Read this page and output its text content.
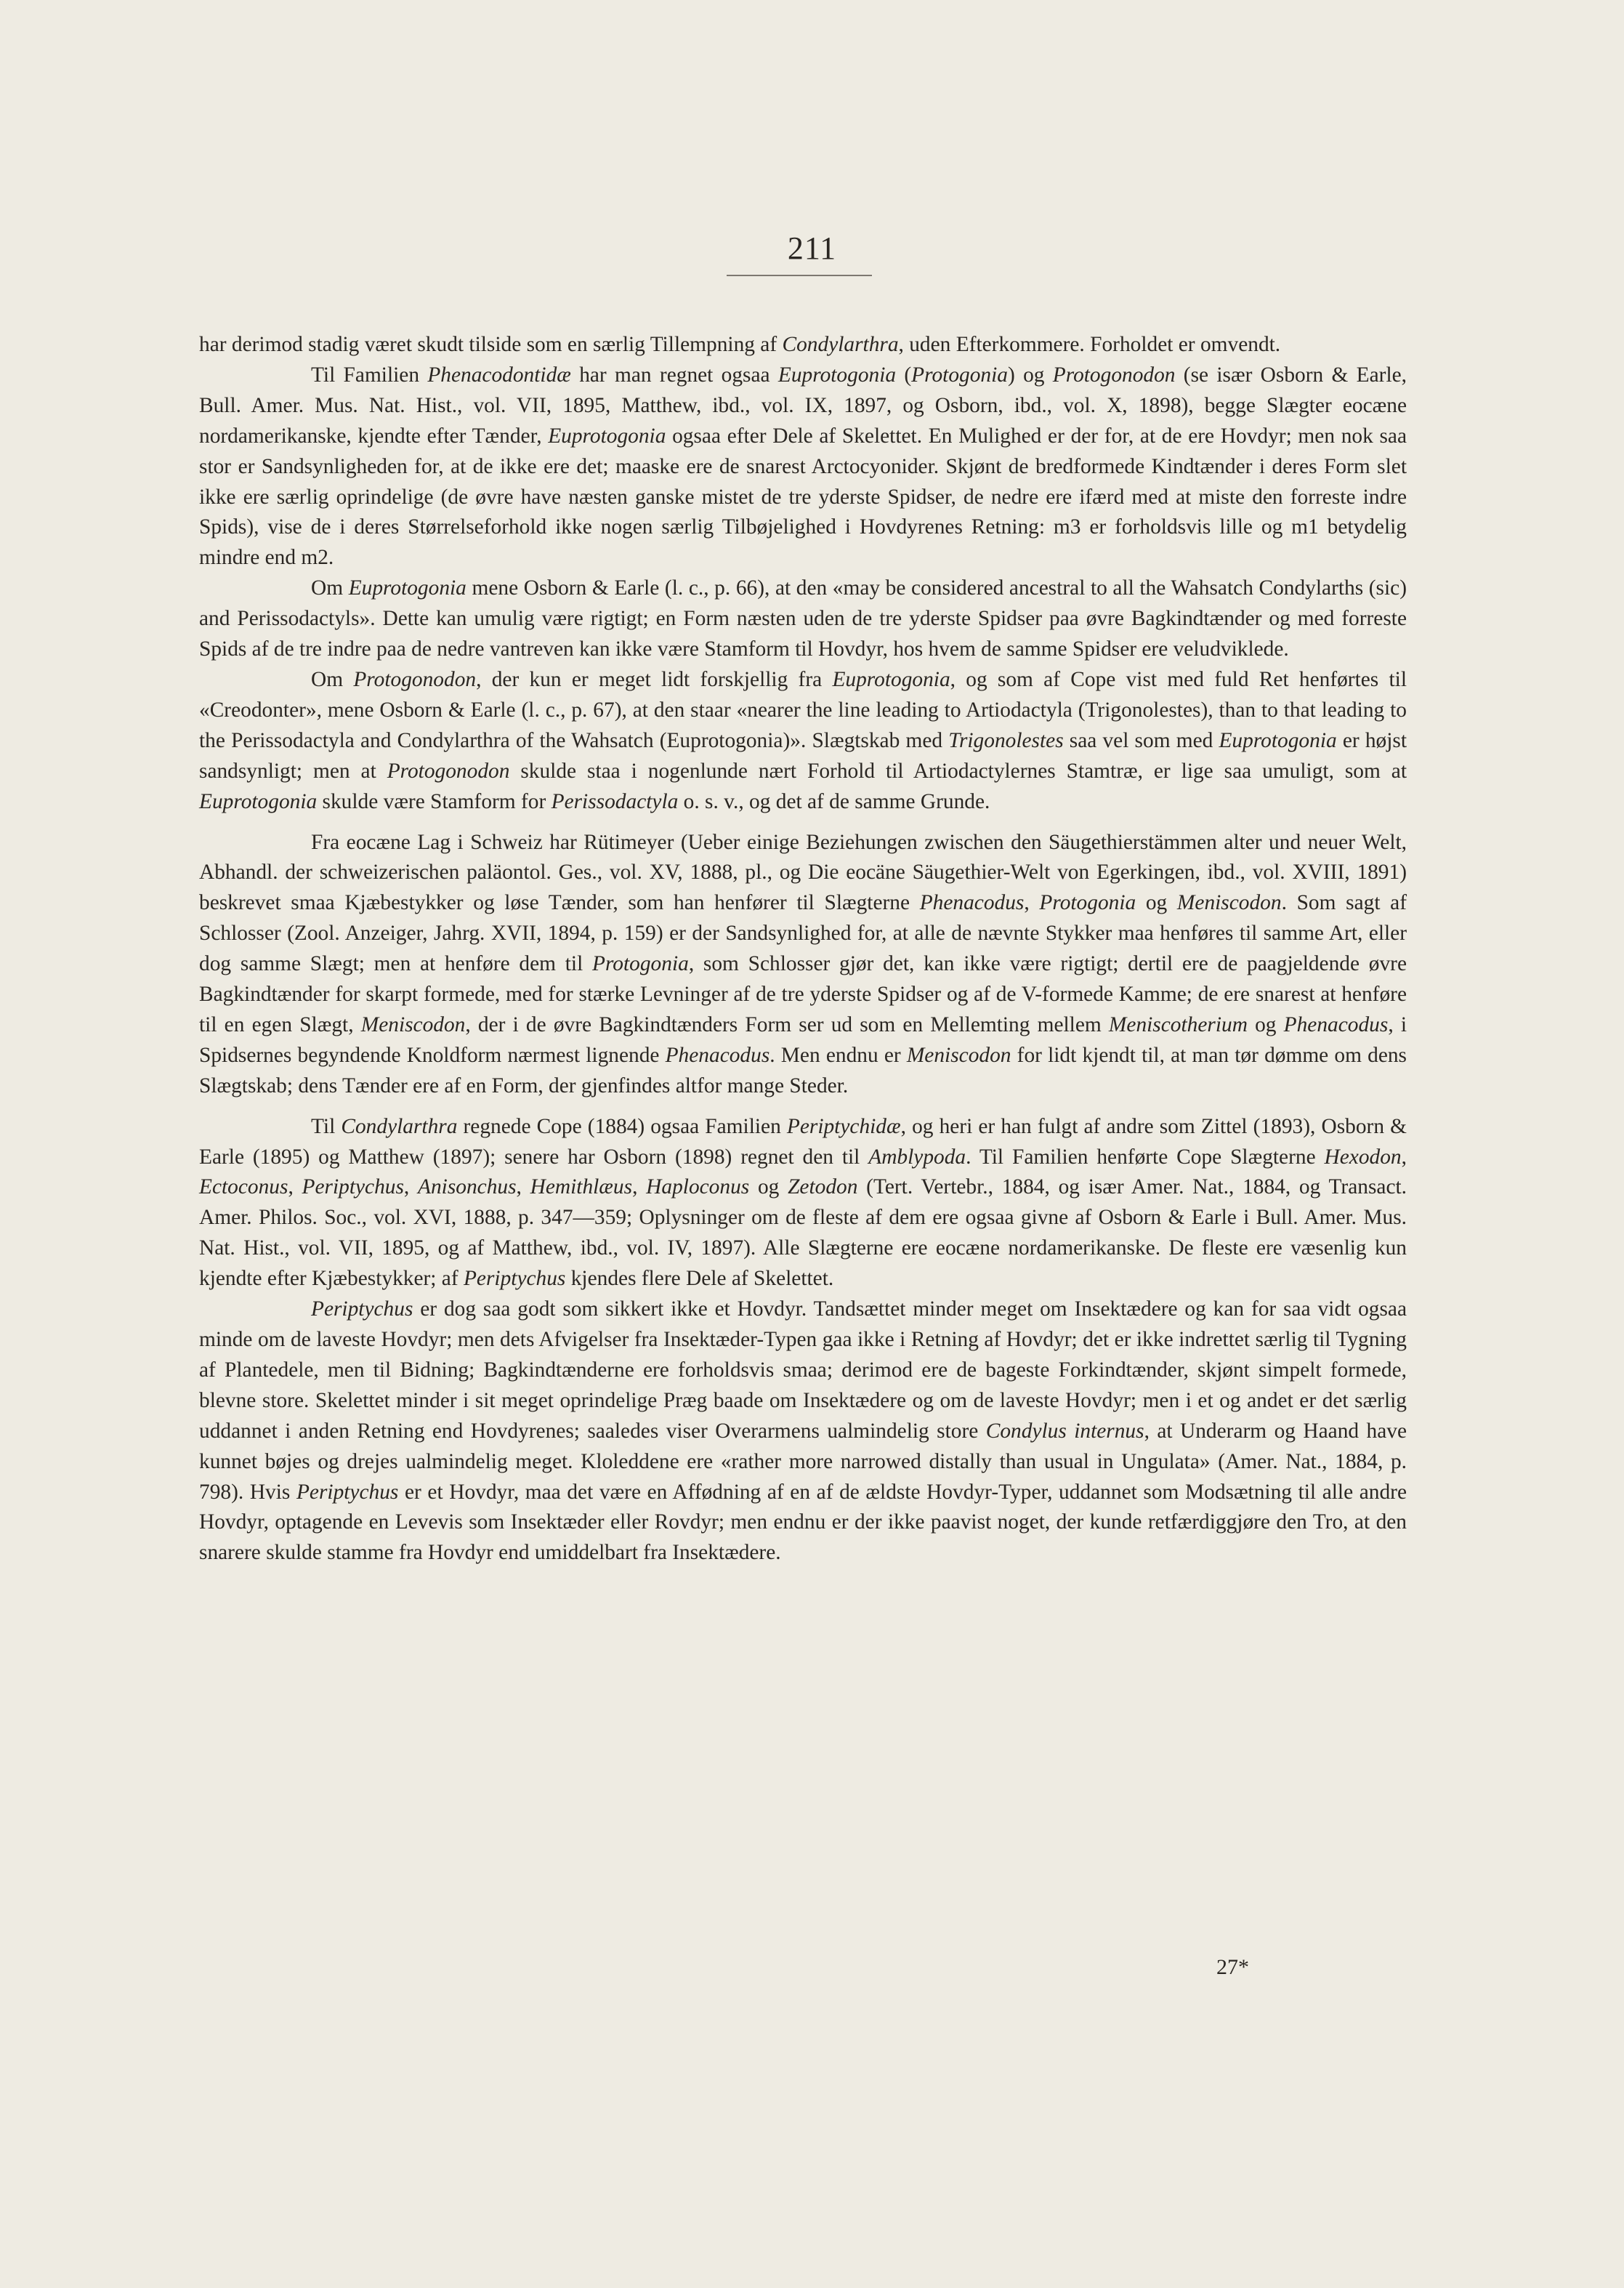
211

har derimod stadig været skudt tilside som en særlig Tillempning af Condylarthra, uden Efterkommere. Forholdet er omvendt.

Til Familien Phenacodontidæ har man regnet ogsaa Euprotogonia (Protogonia) og Protogonodon (se især Osborn & Earle, Bull. Amer. Mus. Nat. Hist., vol. VII, 1895, Matthew, ibd., vol. IX, 1897, og Osborn, ibd., vol. X, 1898), begge Slægter eocæne nordamerikanske, kjendte efter Tænder, Euprotogonia ogsaa efter Dele af Skelettet. En Mulighed er der for, at de ere Hovdyr; men nok saa stor er Sandsynligheden for, at de ikke ere det; maaske ere de snarest Arctocyonider. Skjønt de bredformede Kindtænder i deres Form slet ikke ere særlig oprindelige (de øvre have næsten ganske mistet de tre yderste Spidser, de nedre ere ifærd med at miste den forreste indre Spids), vise de i deres Størrelseforhold ikke nogen særlig Tilbøjelighed i Hovdyrenes Retning: m3 er forholdsvis lille og m1 betydelig mindre end m2.

Om Euprotogonia mene Osborn & Earle (l. c., p. 66), at den «may be considered ancestral to all the Wahsatch Condylarths (sic) and Perissodactyls». Dette kan umulig være rigtigt; en Form næsten uden de tre yderste Spidser paa øvre Bagkindtænder og med forreste Spids af de tre indre paa de nedre vantreven kan ikke være Stamform til Hovdyr, hos hvem de samme Spidser ere veludviklede.

Om Protogonodon, der kun er meget lidt forskjellig fra Euprotogonia, og som af Cope vist med fuld Ret henførtes til «Creodonter», mene Osborn & Earle (l. c., p. 67), at den staar «nearer the line leading to Artiodactyla (Trigonolestes), than to that leading to the Perissodactyla and Condylarthra of the Wahsatch (Euprotogonia)». Slægtskab med Trigonolestes saa vel som med Euprotogonia er højst sandsynligt; men at Protogonodon skulde staa i nogenlunde nært Forhold til Artiodactylernes Stamtræ, er lige saa umuligt, som at Euprotogonia skulde være Stamform for Perissodactyla o. s. v., og det af de samme Grunde.

Fra eocæne Lag i Schweiz har Rütimeyer (Ueber einige Beziehungen zwischen den Säugethierstämmen alter und neuer Welt, Abhandl. der schweizerischen paläontol. Ges., vol. XV, 1888, pl., og Die eocäne Säugethier-Welt von Egerkingen, ibd., vol. XVIII, 1891) beskrevet smaa Kjæbestykker og løse Tænder, som han henfører til Slægterne Phenacodus, Protogonia og Meniscodon. Som sagt af Schlosser (Zool. Anzeiger, Jahrg. XVII, 1894, p. 159) er der Sandsynlighed for, at alle de nævnte Stykker maa henføres til samme Art, eller dog samme Slægt; men at henføre dem til Protogonia, som Schlosser gjør det, kan ikke være rigtigt; dertil ere de paagjeldende øvre Bagkindtænder for skarpt formede, med for stærke Levninger af de tre yderste Spidser og af de V-formede Kamme; de ere snarest at henføre til en egen Slægt, Meniscodon, der i de øvre Bagkindtænders Form ser ud som en Mellemting mellem Meniscotherium og Phenacodus, i Spidsernes begyndende Knoldform nærmest lignende Phenacodus. Men endnu er Meniscodon for lidt kjendt til, at man tør dømme om dens Slægtskab; dens Tænder ere af en Form, der gjenfindes altfor mange Steder.

Til Condylarthra regnede Cope (1884) ogsaa Familien Periptychidæ, og heri er han fulgt af andre som Zittel (1893), Osborn & Earle (1895) og Matthew (1897); senere har Osborn (1898) regnet den til Amblypoda. Til Familien henførte Cope Slægterne Hexodon, Ectoconus, Periptychus, Anisonchus, Hemithlæus, Haploconus og Zetodon (Tert. Vertebr., 1884, og især Amer. Nat., 1884, og Transact. Amer. Philos. Soc., vol. XVI, 1888, p. 347—359; Oplysninger om de fleste af dem ere ogsaa givne af Osborn & Earle i Bull. Amer. Mus. Nat. Hist., vol. VII, 1895, og af Matthew, ibd., vol. IV, 1897). Alle Slægterne ere eocæne nordamerikanske. De fleste ere væsenlig kun kjendte efter Kjæbestykker; af Periptychus kjendes flere Dele af Skelettet.

Periptychus er dog saa godt som sikkert ikke et Hovdyr. Tandsættet minder meget om Insektædere og kan for saa vidt ogsaa minde om de laveste Hovdyr; men dets Afvigelser fra Insektæder-Typen gaa ikke i Retning af Hovdyr; det er ikke indrettet særlig til Tygning af Plantedele, men til Bidning; Bagkindtænderne ere forholdsvis smaa; derimod ere de bageste Forkindtænder, skjønt simpelt formede, blevne store. Skelettet minder i sit meget oprindelige Præg baade om Insektædere og om de laveste Hovdyr; men i et og andet er det særlig uddannet i anden Retning end Hovdyrenes; saaledes viser Overarmens ualmindelig store Condylus internus, at Underarm og Haand have kunnet bøjes og drejes ualmindelig meget. Kloleddene ere «rather more narrowed distally than usual in Ungulata» (Amer. Nat., 1884, p. 798). Hvis Periptychus er et Hovdyr, maa det være en Affødning af en af de ældste Hovdyr-Typer, uddannet som Modsætning til alle andre Hovdyr, optagende en Levevis som Insektæder eller Rovdyr; men endnu er der ikke paavist noget, der kunde retfærdiggjøre den Tro, at den snarere skulde stamme fra Hovdyr end umiddelbart fra Insektædere.

27*
